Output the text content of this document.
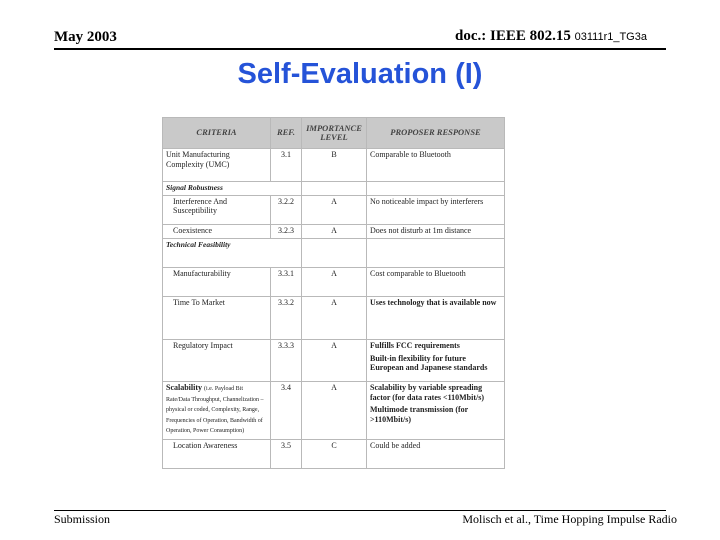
May 2003	doc.: IEEE 802.15 03111r1_TG3a
Self-Evaluation (I)
CRITERIA	REF.	IMPORTANCE LEVEL	PROPOSER RESPONSE
Unit Manufacturing Complexity (UMC)	3.1	B	Comparable to Bluetooth
Signal Robustness			
Interference And Susceptibility	3.2.2	A	No noticeable impact by interferers
Coexistence	3.2.3	A	Does not disturb at 1m distance
Technical Feasibility			
Manufacturability	3.3.1	A	Cost comparable to Bluetooth
Time To Market	3.3.2	A	Uses technology that is available now
Regulatory Impact	3.3.3	A	Fulfills FCC requirements
Built-in flexibility for future European and Japanese standards

Scalability (i.e. Payload Bit Rate/Data Throughput, Channelization – physical or coded, Complexity, Range, Frequencies of Operation, Bandwidth of Operation, Power Consumption)	3.4	A	Scalability by variable spreading factor (for data rates <110Mbit/s)
Multimode transmission (for >110Mbit/s)

Location Awareness	3.5	C	Could be added
Submission	Molisch et al., Time Hopping Impulse Radio
